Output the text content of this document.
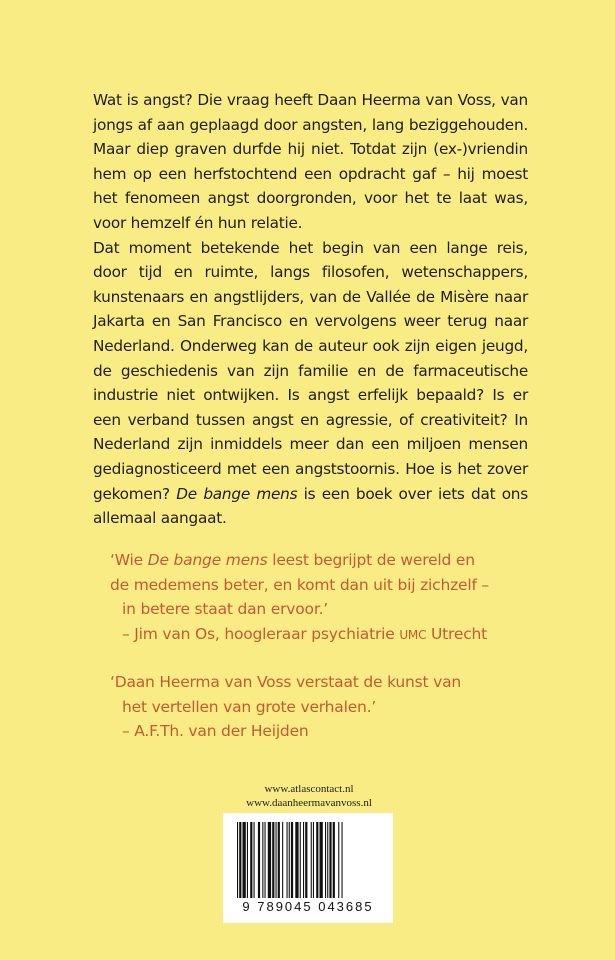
Wat is angst? Die vraag heeft Daan Heerma van Voss, van jongs af aan geplaagd door angsten, lang beziggehouden. Maar diep graven durfde hij niet. Totdat zijn (ex-)vriendin hem op een herfstochtend een opdracht gaf – hij moest het fenomeen angst doorgronden, voor het te laat was, voor hemzelf én hun relatie.

Dat moment betekende het begin van een lange reis, door tijd en ruimte, langs filosofen, wetenschappers, kunstenaars en angstlijders, van de Vallée de Misère naar Jakarta en San Francisco en vervolgens weer terug naar Nederland. Onderweg kan de auteur ook zijn eigen jeugd, de geschiedenis van zijn familie en de farmaceutische industrie niet ontwijken. Is angst erfelijk bepaald? Is er een verband tussen angst en agressie, of creativiteit? In Nederland zijn inmiddels meer dan een miljoen mensen gediagnosticeerd met een angststoornis. Hoe is het zover gekomen? De bange mens is een boek over iets dat ons allemaal aangaat.

‘Wie De bange mens leest begrijpt de wereld en
de medemens beter, en komt dan uit bij zichzelf –
in betere staat dan ervoor.’
– Jim van Os, hoogleraar psychiatrie UMC Utrecht
‘Daan Heerma van Voss verstaat de kunst van
het vertellen van grote verhalen.’
– A.F.Th. van der Heijden
www.atlascontact.nl
www.daanheermavanvoss.nl
9 789045 043685
